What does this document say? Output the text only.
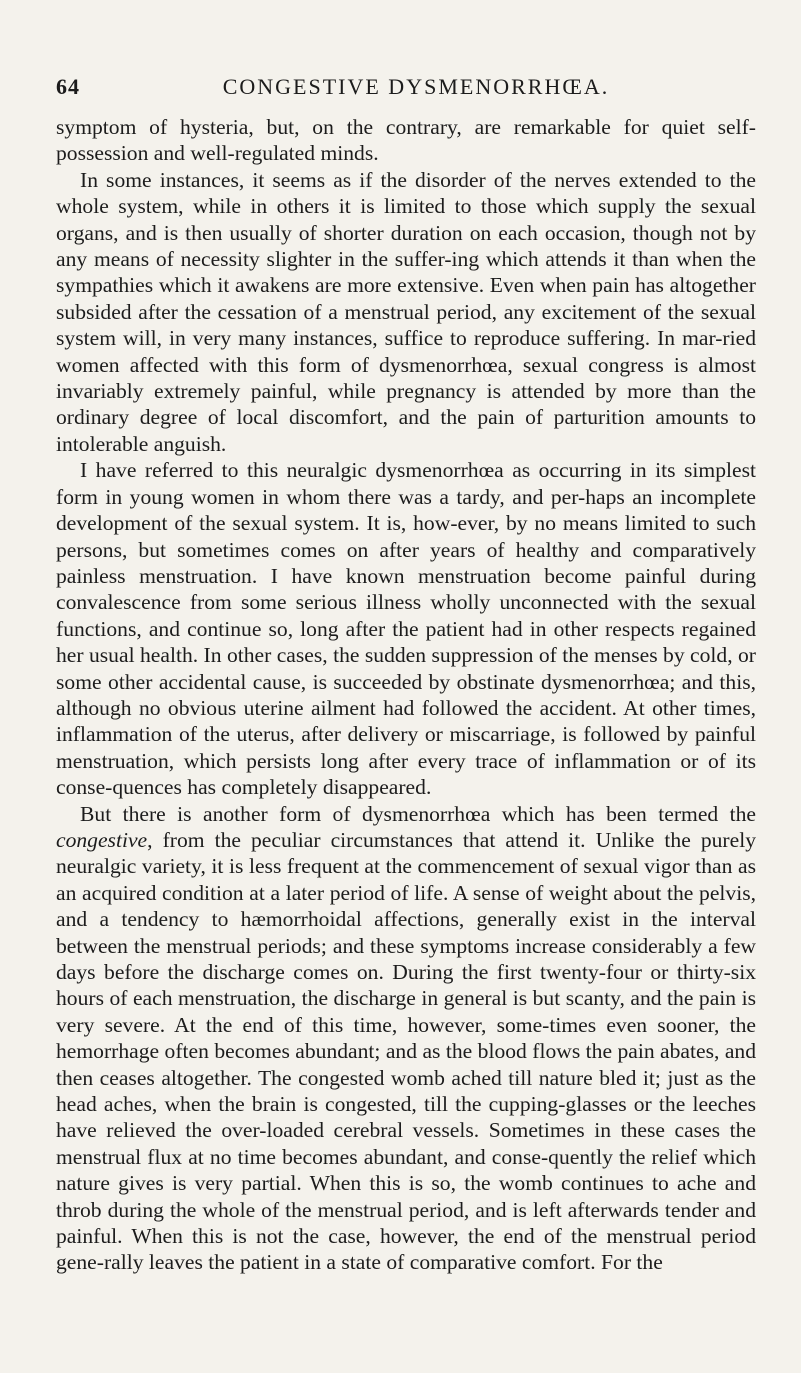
64	CONGESTIVE DYSMENORRHŒA.

symptom of hysteria, but, on the contrary, are remarkable for quiet self-possession and well-regulated minds.

In some instances, it seems as if the disorder of the nerves extended to the whole system, while in others it is limited to those which supply the sexual organs, and is then usually of shorter duration on each occasion, though not by any means of necessity slighter in the suffer-ing which attends it than when the sympathies which it awakens are more extensive. Even when pain has altogether subsided after the cessation of a menstrual period, any excitement of the sexual system will, in very many instances, suffice to reproduce suffering. In mar-ried women affected with this form of dysmenorrhœa, sexual congress is almost invariably extremely painful, while pregnancy is attended by more than the ordinary degree of local discomfort, and the pain of parturition amounts to intolerable anguish.

I have referred to this neuralgic dysmenorrhœa as occurring in its simplest form in young women in whom there was a tardy, and per-haps an incomplete development of the sexual system. It is, how-ever, by no means limited to such persons, but sometimes comes on after years of healthy and comparatively painless menstruation. I have known menstruation become painful during convalescence from some serious illness wholly unconnected with the sexual functions, and continue so, long after the patient had in other respects regained her usual health. In other cases, the sudden suppression of the menses by cold, or some other accidental cause, is succeeded by obstinate dysmenorrhœa; and this, although no obvious uterine ailment had followed the accident. At other times, inflammation of the uterus, after delivery or miscarriage, is followed by painful menstruation, which persists long after every trace of inflammation or of its conse-quences has completely disappeared.

But there is another form of dysmenorrhœa which has been termed the congestive, from the peculiar circumstances that attend it. Unlike the purely neuralgic variety, it is less frequent at the commencement of sexual vigor than as an acquired condition at a later period of life. A sense of weight about the pelvis, and a tendency to hæmorrhoidal affections, generally exist in the interval between the menstrual periods; and these symptoms increase considerably a few days before the discharge comes on. During the first twenty-four or thirty-six hours of each menstruation, the discharge in general is but scanty, and the pain is very severe. At the end of this time, however, some-times even sooner, the hemorrhage often becomes abundant; and as the blood flows the pain abates, and then ceases altogether. The congested womb ached till nature bled it; just as the head aches, when the brain is congested, till the cupping-glasses or the leeches have relieved the over-loaded cerebral vessels. Sometimes in these cases the menstrual flux at no time becomes abundant, and conse-quently the relief which nature gives is very partial. When this is so, the womb continues to ache and throb during the whole of the menstrual period, and is left afterwards tender and painful. When this is not the case, however, the end of the menstrual period gene-rally leaves the patient in a state of comparative comfort. For the
